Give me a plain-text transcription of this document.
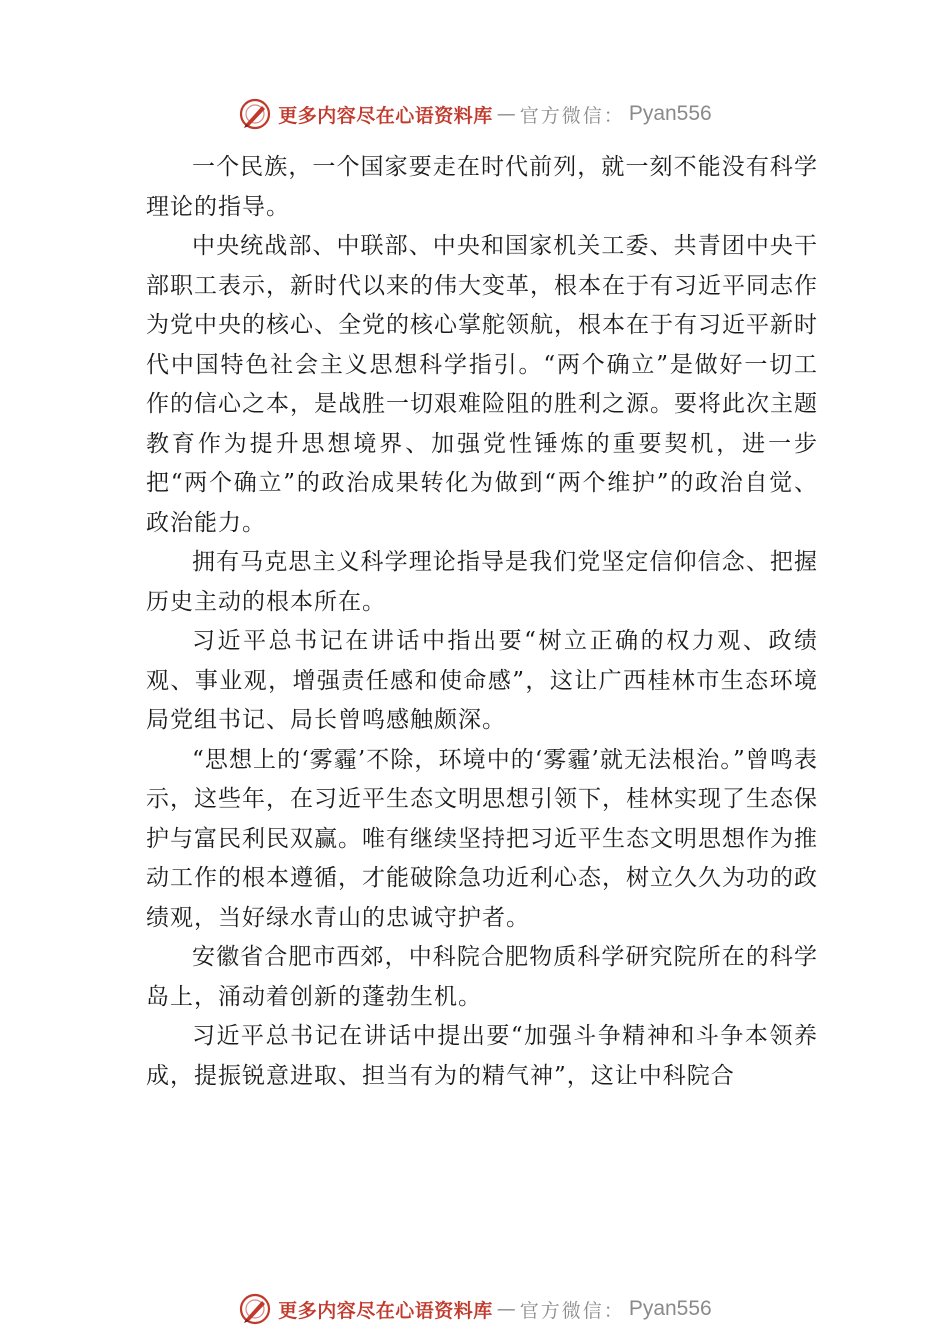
更多内容尽在心语资料库 — 官方微信： Pyan556

一个民族，一个国家要走在时代前列，就一刻不能没有科学理论的指导。

中央统战部、中联部、中央和国家机关工委、共青团中央干部职工表示，新时代以来的伟大变革，根本在于有习近平同志作为党中央的核心、全党的核心掌舵领航，根本在于有习近平新时代中国特色社会主义思想科学指引。“两个确立”是做好一切工作的信心之本，是战胜一切艰难险阻的胜利之源。要将此次主题教育作为提升思想境界、加强党性锤炼的重要契机，进一步把“两个确立”的政治成果转化为做到“两个维护”的政治自觉、政治能力。

拥有马克思主义科学理论指导是我们党坚定信仰信念、把握历史主动的根本所在。

习近平总书记在讲话中指出要“树立正确的权力观、政绩观、事业观，增强责任感和使命感”，这让广西桂林市生态环境局党组书记、局长曾鸣感触颇深。

“思想上的‘雾霾’不除，环境中的‘雾霾’就无法根治。”曾鸣表示，这些年，在习近平生态文明思想引领下，桂林实现了生态保护与富民利民双赢。唯有继续坚持把习近平生态文明思想作为推动工作的根本遵循，才能破除急功近利心态，树立久久为功的政绩观，当好绿水青山的忠诚守护者。

安徽省合肥市西郊，中科院合肥物质科学研究院所在的科学岛上，涌动着创新的蓬勃生机。

习近平总书记在讲话中提出要“加强斗争精神和斗争本领养成，提振锐意进取、担当有为的精气神”，这让中科院合

更多内容尽在心语资料库 — 官方微信： Pyan556
